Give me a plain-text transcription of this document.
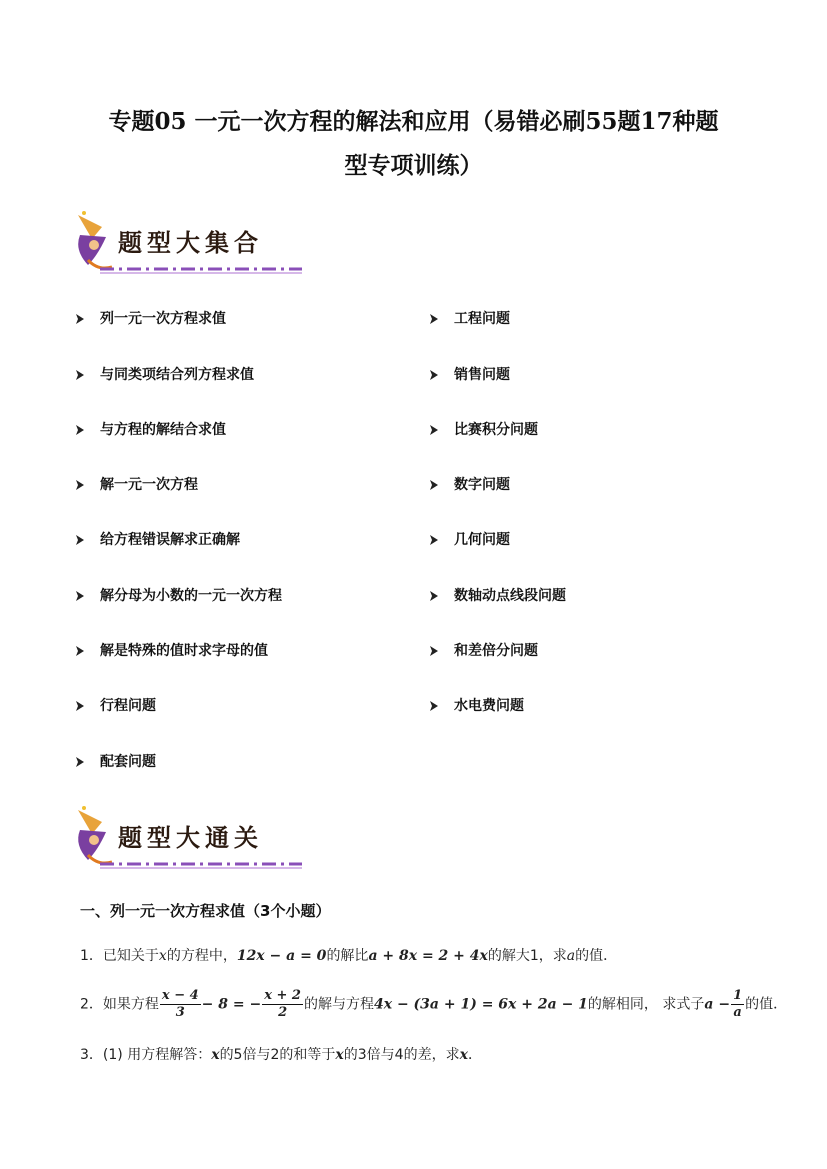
专题05 一元一次方程的解法和应用（易错必刷55题17种题
型专项训练）
题型大集合
列一元一次方程求值
与同类项结合列方程求值
与方程的解结合求值
解一元一次方程
给方程错误解求正确解
解分母为小数的一元一次方程
解是特殊的值时求字母的值
行程问题
配套问题
工程问题
销售问题
比赛积分问题
数字问题
几何问题
数轴动点线段问题
和差倍分问题
水电费问题
题型大通关
一、列一元一次方程求值（3个小题）
1．已知关于x的方程中，12x − a = 0的解比a + 8x = 2 + 4x的解大1，求a的值．
2．如果方程 $\frac{x - 4}{3} - 8$ = − $\frac{x + 2}{2}$ 的解与方程4x − (3a + 1) = 6x + 2a − 1的解相同， 求式子$a - \frac{1}{a}$ 的值．
3．(1) 用方程解答：x的5倍与2的和等于x的3倍与4的差，求x．
